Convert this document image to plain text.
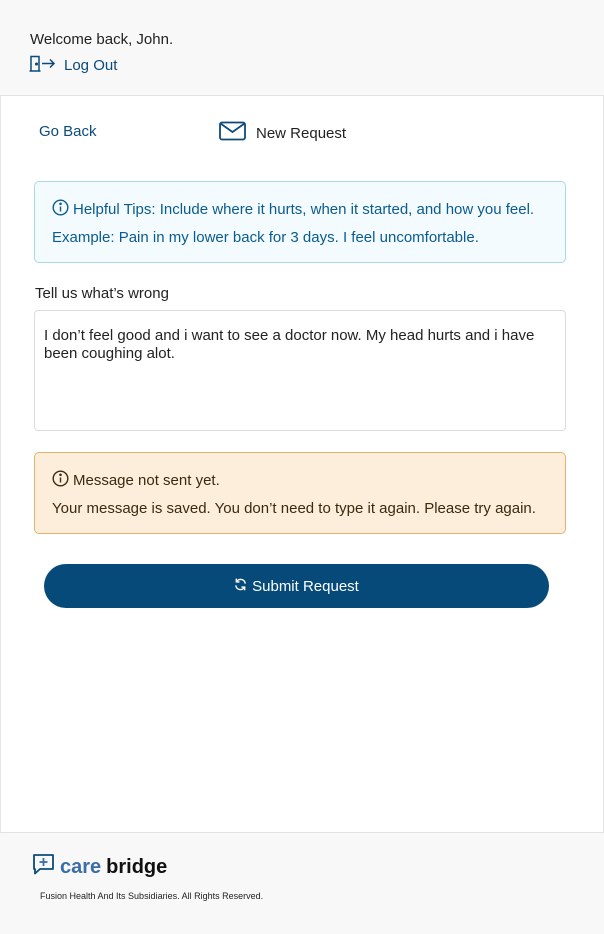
Welcome back, John.
Log Out
Go Back	New Request
Helpful Tips: Include where it hurts, when it started, and how you feel.
Example: Pain in my lower back for 3 days. I feel uncomfortable.
Tell us what’s wrong
I don’t feel good and i want to see a doctor now. My head hurts and i have been coughing alot.
Message not sent yet.
Your message is saved. You don’t need to type it again. Please try again.
Submit Request
care bridge
Fusion Health And Its Subsidiaries. All Rights Reserved.
